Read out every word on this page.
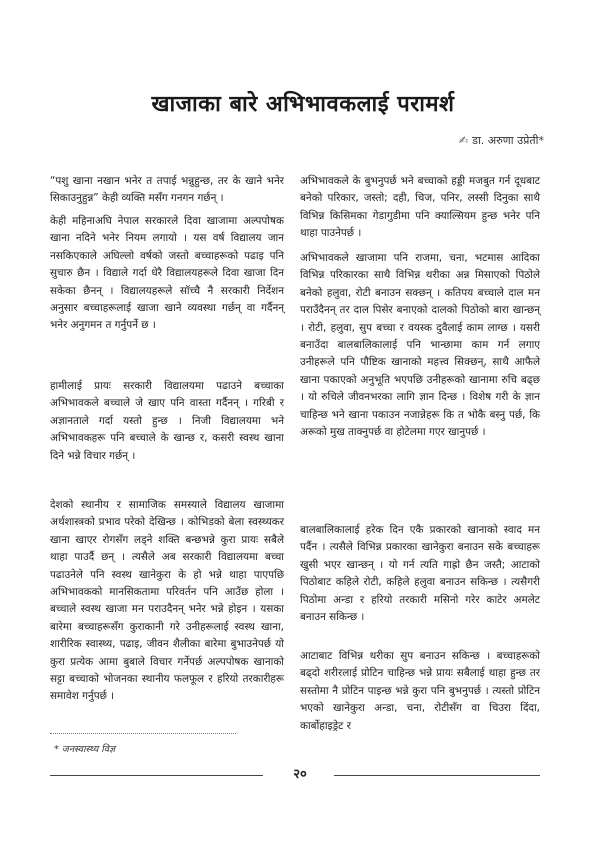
खाजाका बारे अभिभावकलाई परामर्श
✍ डा. अरुणा उप्रेती*

“पशु खाना नखान भनेर त तपाई भन्नुहुन्छ, तर के खाने भनेर सिकाउनुहुन्न” केही व्यक्ति मसँग गनगन गर्छन् ।

केही महिनाअघि नेपाल सरकारले दिवा खाजामा अल्पपोषक खाना नदिने भनेर नियम लगायो । यस वर्ष विद्यालय जान नसकिएकाले अघिल्लो वर्षको जस्तो बच्चाहरूको पढाइ पनि सुचारु छैन । विद्याले गर्दा धेरै विद्यालयहरूले दिवा खाजा दिन सकेका छैनन् । विद्यालयहरूले सॉच्चै नै सरकारी निर्देशन अनुसार बच्चाहरूलाई खाजा खाने व्यवस्था गर्छन् वा गर्दैनन् भनेर अनुगमन त गर्नुपर्ने छ ।

हामीलाई प्रायः सरकारी विद्यालयमा पढाउने बच्चाका अभिभावकले बच्चाले जे खाए पनि वास्ता गर्दैनन् । गरिबी र अज्ञानताले गर्दा यस्तो हुन्छ । निजी विद्यालयमा भने अभिभावकहरू पनि बच्चाले के खान्छ र, कसरी स्वस्थ खाना दिने भन्ने विचार गर्छन् ।

देशको स्थानीय र सामाजिक समस्याले विद्यालय खाजामा अर्थशास्त्रको प्रभाव परेको देखिन्छ । कोभिडको बेला स्वस्थ्यकर खाना खाएर रोगसँग लड्ने शक्ति बन्छभन्ने कुरा प्रायः सबैले थाहा पाउर्दै छन् । त्यसैले अब सरकारी विद्यालयमा बच्चा पढाउनेले पनि स्वस्थ खानेकुरा के हो भन्ने थाहा पाएपछि अभिभावकको मानसिकतामा परिवर्तन पनि आउँछ होला । बच्चाले स्वस्थ खाजा मन पराउदैनन् भनेर भन्ने होइन । यसका बारेमा बच्चाहरूसँग कुराकानी गरे उनीहरूलाई स्वस्थ खाना, शारीरिक स्वास्थ्य, पढाइ, जीवन शैलीका बारेमा बुभाउनेपर्छ यो कुरा प्रत्येक आमा बुबाले विचार गर्नेपर्छ अल्पपोषक खानाको सट्टा बच्चाको भोजनका स्थानीय फलफूल र हरियो तरकारीहरू समावेश गर्नुपर्छ ।

अभिभावकले के बुभनुपर्छ भने बच्चाको हड्डी मजबुत गर्न दूधबाट बनेको परिकार, जस्तो; दही, चिज, पनिर, लस्सी दिनुका साथै विभिन्न किसिमका गेडागुडीमा पनि क्याल्सियम हुन्छ भनेर पनि थाहा पाउनेपर्छ ।

अभिभावकले खाजामा पनि राजमा, चना, भटमास आदिका विभिन्न परिकारका साथै विभिन्न थरीका अन्न मिसाएको पिठोले बनेको हलुवा, रोटी बनाउन सक्छन् । कतिपय बच्चाले दाल मन पराउँदैनन् तर दाल पिसेर बनाएको दालको पिठोको बारा खान्छन् । रोटी, हलुवा, सुप बच्चा र वयस्क दुवैलाई काम लाग्छ । यसरी बनाउँदा बालबालिकालाई पनि भान्छामा काम गर्न लगाए उनीहरूले पनि पौष्टिक खानाको महत्त्व सिक्छन्, साथै आफैले खाना पकाएको अनुभूति भएपछि उनीहरूको खानामा रुचि बढ्छ । यो रुचिले जीवनभरका लागि ज्ञान दिन्छ । विशेष गरी के ज्ञान चाहिन्छ भने खाना पकाउन नजान्नेहरू कि त भोकै बस्नु पर्छ, कि अरूको मुख ताक्नुपर्छ वा होटेलमा गएर खानुपर्छ ।

बालबालिकालाई हरेक दिन एकै प्रकारको खानाको स्वाद मन पर्दैन । त्यसैले विभिन्न प्रकारका खानेकुरा बनाउन सके बच्चाहरू खुसी भएर खान्छन् । यो गर्न त्यति गाह्रो छैन जस्तै; आटाको पिठोबाट कहिले रोटी, कहिले हलुवा बनाउन सकिन्छ । त्यसैगरी पिठोमा अन्डा र हरियो तरकारी मसिनो गरेर काटेर अमलेट बनाउन सकिन्छ ।

आटाबाट विभिन्न थरीका सुप बनाउन सकिन्छ । बच्चाहरूको बढ्दो शरीरलाई प्रोटिन चाहिन्छ भन्ने प्रायः सबैलाई थाहा हुन्छ तर सस्तोमा नै प्रोटिन पाइन्छ भन्ने कुरा पनि बुभनुपर्छ । त्यस्तो प्रोटिन भएको खानेकुरा अन्डा, चना, रोटीसँग वा चिउरा दिंदा, कार्बोहाइड्रेट र

* जनस्वास्थ्य विज्ञ
२०
